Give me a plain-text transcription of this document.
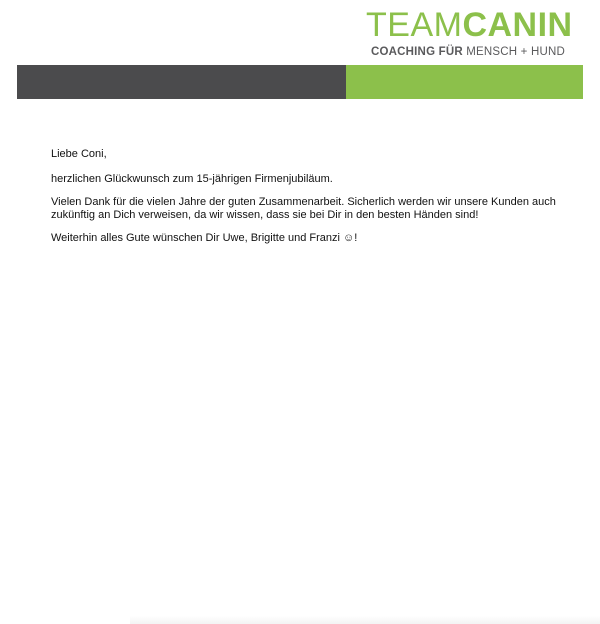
TEAMCANIN
COACHING FÜR MENSCH + HUND

Liebe Coni,

herzlichen Glückwunsch zum 15-jährigen Firmenjubiläum.

Vielen Dank für die vielen Jahre der guten Zusammenarbeit. Sicherlich werden wir unsere Kunden auch zukünftig an Dich verweisen, da wir wissen, dass sie bei Dir in den besten Händen sind!

Weiterhin alles Gute wünschen Dir Uwe, Brigitte und Franzi ☺!
